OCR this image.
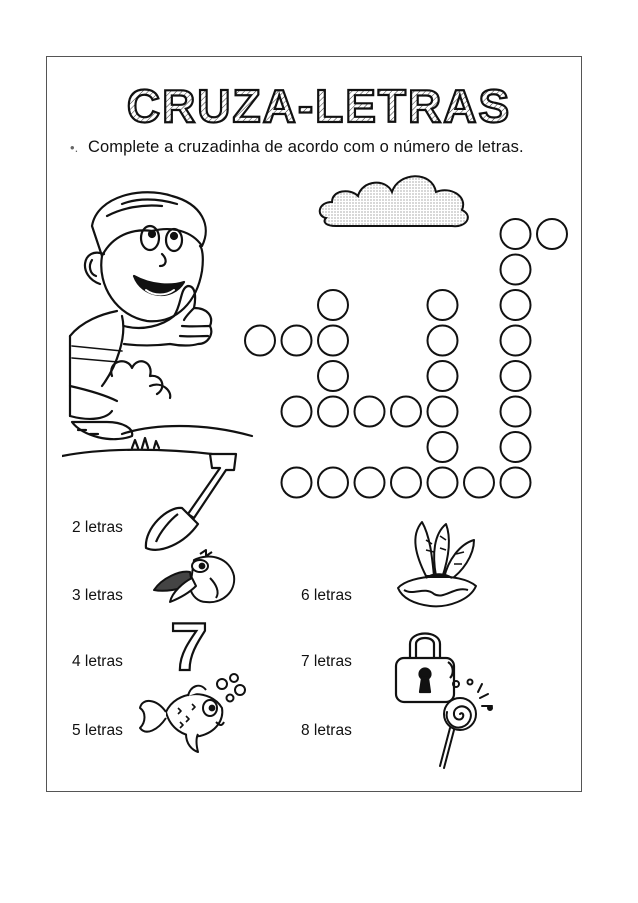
CRUZA-LETRAS
•. Complete a cruzadinha de acordo com o número de letras.
2 letras
3 letras
4 letras
5 letras
6 letras
7 letras
8 letras
7
